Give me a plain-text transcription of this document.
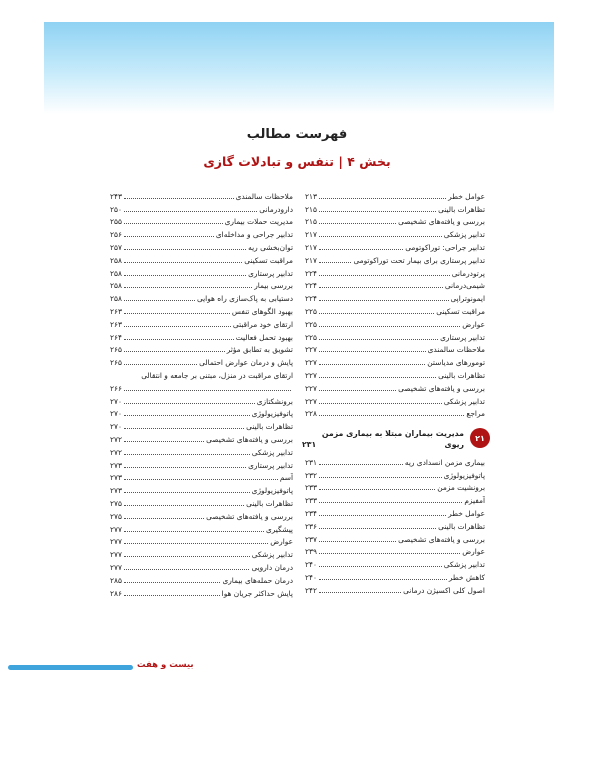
فهرست مطالب
بخش ۴ | تنفس و تبادلات گازی
عوامل خطر
۲۱۳
تظاهرات بالینی
۲۱۵
بررسی و یافته‌های تشخیصی
۲۱۵
تدابیر پزشکی
۲۱۷
تدابیر جراحی: توراکوتومی
۲۱۷
تدابیر پرستاری برای بیمار تحت توراکوتومی
۲۱۷
پرتودرمانی
۲۲۴
شیمی‌درمانی
۲۲۴
ایمونوتراپی
۲۲۴
مراقبت تسکینی
۲۲۵
عوارض
۲۲۵
تدابیر پرستاری
۲۲۵
ملاحظات سالمندی
۲۲۷
تومورهای مدیاستن
۲۲۷
تظاهرات بالینی
۲۲۷
بررسی و یافته‌های تشخیصی
۲۲۷
تدابیر پزشکی
۲۲۷
مراجع
۲۲۸
۲۱
مدیریت بیماران مبتلا به بیماری مزمن
ریوی
۲۳۱
بیماری مزمن انسدادی ریه
۲۳۱
پاتوفیزیولوژی
۲۳۲
برونشیت مزمن
۲۳۳
آمفیزم
۲۳۳
عوامل خطر
۲۳۴
تظاهرات بالینی
۲۳۶
بررسی و یافته‌های تشخیصی
۲۳۷
عوارض
۲۳۹
تدابیر پزشکی
۲۴۰
کاهش خطر
۲۴۰
اصول کلی اکسیژن درمانی
۲۴۲
ملاحظات سالمندی
۲۴۳
دارودرمانی
۲۵۰
مدیریت حملات بیماری
۲۵۵
تدابیر جراحی و مداخله‌ای
۲۵۶
توان‌بخشی ریه
۲۵۷
مراقبت تسکینی
۲۵۸
تدابیر پرستاری
۲۵۸
بررسی بیمار
۲۵۸
دستیابی به پاک‌سازی راه هوایی
۲۵۸
بهبود الگوهای تنفس
۲۶۳
ارتقای خود مراقبتی
۲۶۳
بهبود تحمل فعالیت
۲۶۴
تشویق به تطابق مؤثر
۲۶۵
پایش و درمان عوارض احتمالی
۲۶۵
ارتقای مراقبت در منزل، مبتنی بر جامعه و انتقالی
۲۶۶
برونشکتازی
۲۷۰
پاتوفیزیولوژی
۲۷۰
تظاهرات بالینی
۲۷۰
بررسی و یافته‌های تشخیصی
۲۷۲
تدابیر پزشکی
۲۷۲
تدابیر پرستاری
۲۷۳
آسم
۲۷۳
پاتوفیزیولوژی
۲۷۳
تظاهرات بالینی
۲۷۵
بررسی و یافته‌های تشخیصی
۲۷۵
پیشگیری
۲۷۷
عوارض
۲۷۷
تدابیر پزشکی
۲۷۷
درمان دارویی
۲۷۷
درمان حمله‌های بیماری
۲۸۵
پایش حداکثر جریان هوا
۲۸۶
بیست و هفت
